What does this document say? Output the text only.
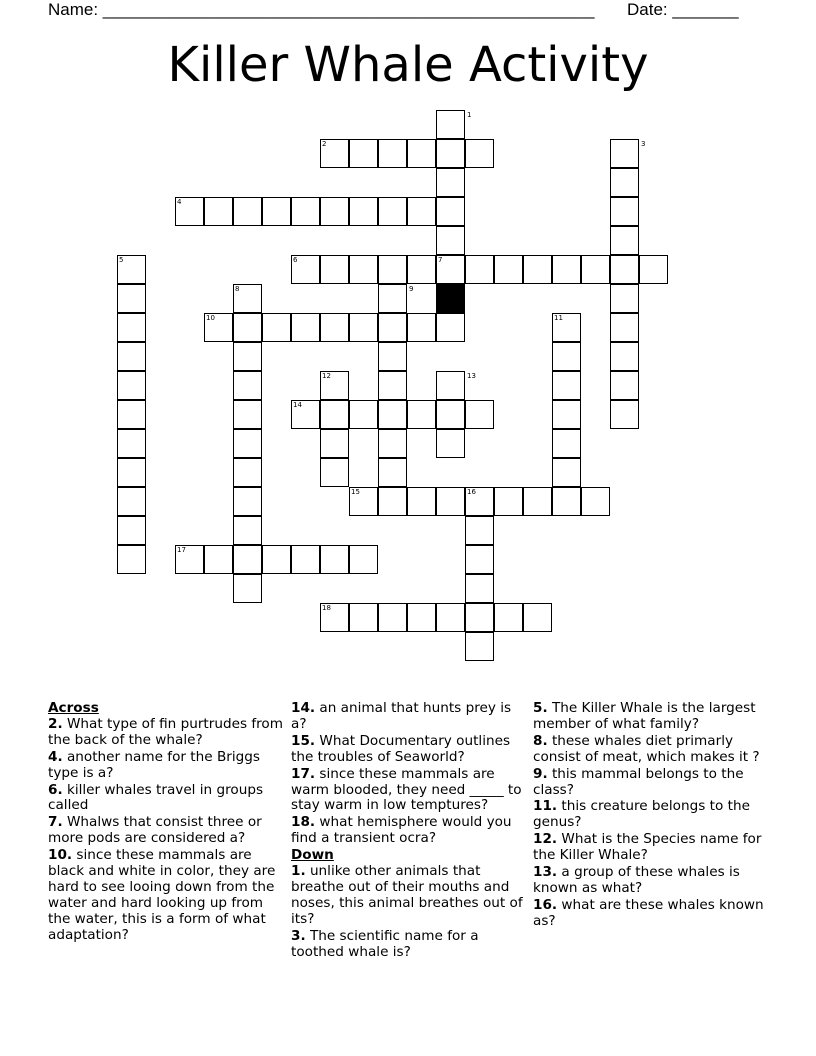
Name: ____________________________________________________ Date: _______
Killer Whale Activity
1
2	3
4
5	6	7
8	9
10	11
12	13
14
15	16
17
18
Across
2. What type of fin purtrudes from the back of the whale?
4. another name for the Briggs type is a?
6. killer whales travel in groups called
7. Whalws that consist three or more pods are considered a?
10. since these mammals are black and white in color, they are hard to see looing down from the water and hard looking up from the water, this is a form of what adaptation?
14. an animal that hunts prey is a?
15. What Documentary outlines the troubles of Seaworld?
17. since these mammals are warm blooded, they need _____ to stay warm in low temptures?
18. what hemisphere would you find a transient ocra?
Down
1. unlike other animals that breathe out of their mouths and noses, this animal breathes out of its?
3. The scientific name for a toothed whale is?
5. The Killer Whale is the largest member of what family?
8. these whales diet primarly consist of meat, which makes it ?
9. this mammal belongs to the class?
11. this creature belongs to the genus?
12. What is the Species name for the Killer Whale?
13. a group of these whales is known as what?
16. what are these whales known as?
